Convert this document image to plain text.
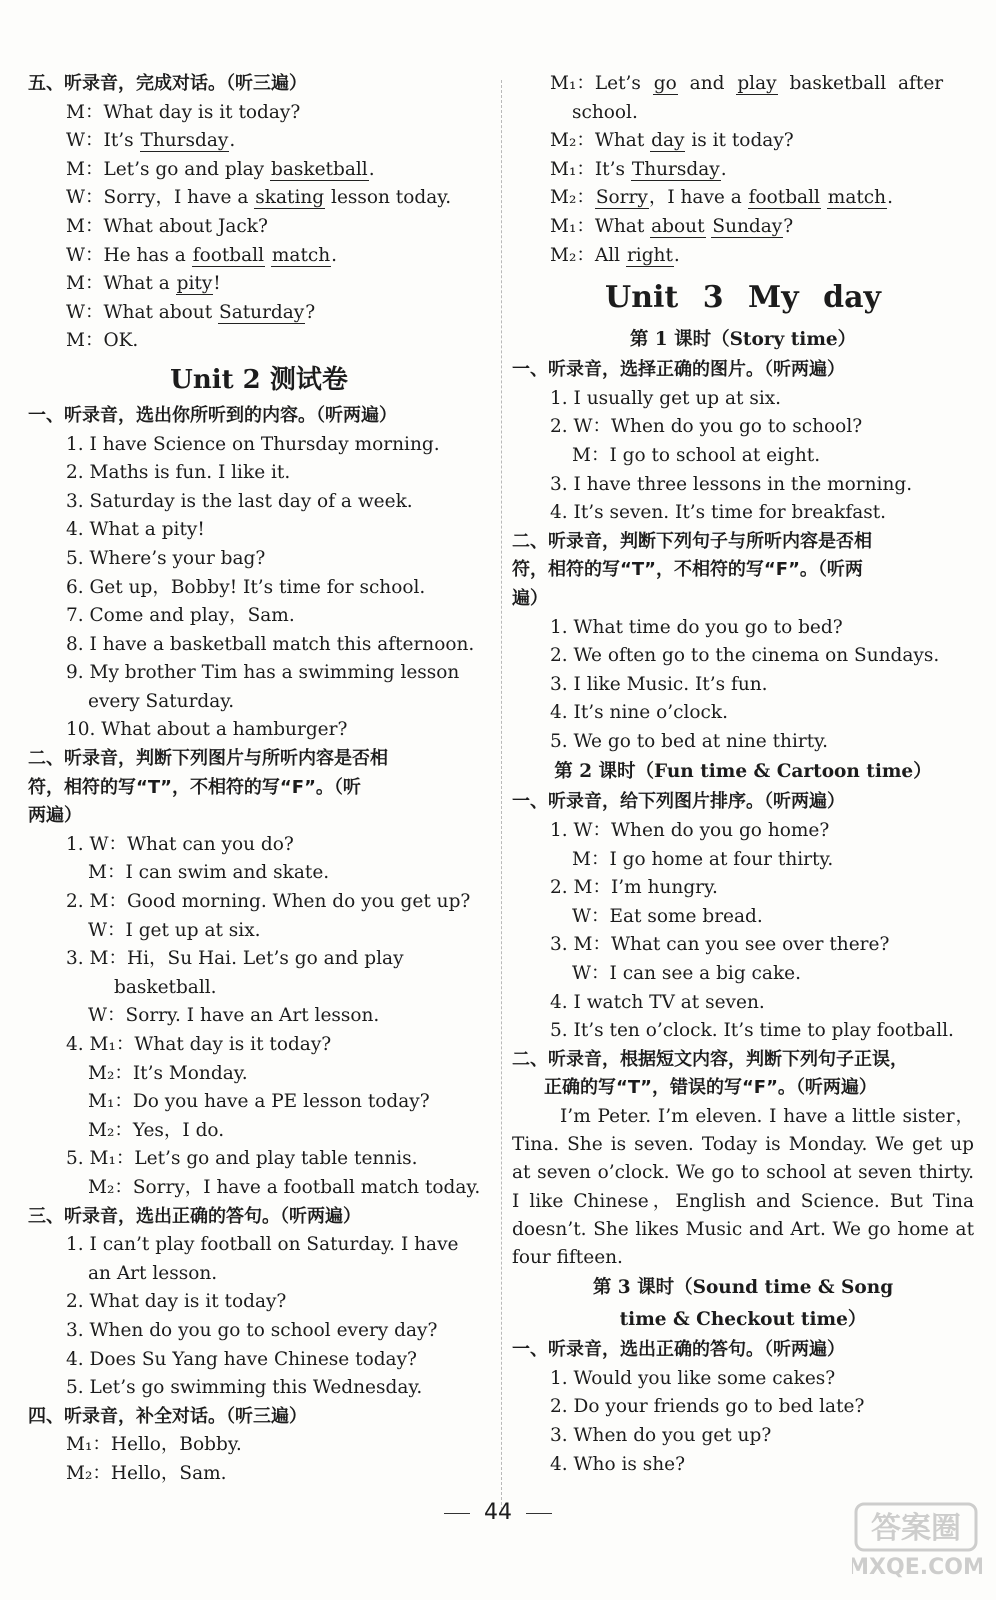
五、听录音，完成对话。（听三遍）
M：What day is it today?
W：It’s Thursday.
M：Let’s go and play basketball.
W：Sorry，I have a skating lesson today.
M：What about Jack?
W：He has a football match.
M：What a pity!
W：What about Saturday?
M：OK.
Unit 2 测试卷
一、听录音，选出你所听到的内容。（听两遍）
1. I have Science on Thursday morning.
2. Maths is fun. I like it.
3. Saturday is the last day of a week.
4. What a pity!
5. Where’s your bag?
6. Get up，Bobby! It’s time for school.
7. Come and play，Sam.
8. I have a basketball match this afternoon.
9. My brother Tim has a swimming lesson
every Saturday.
10. What about a hamburger?
二、听录音，判断下列图片与所听内容是否相
符，相符的写“T”，不相符的写“F”。（听
两遍）
1. W：What can you do?
M：I can swim and skate.
2. M：Good morning. When do you get up?
W：I get up at six.
3. M：Hi，Su Hai. Let’s go and play
basketball.
W：Sorry. I have an Art lesson.
4. M₁：What day is it today?
M₂：It’s Monday.
M₁：Do you have a PE lesson today?
M₂：Yes，I do.
5. M₁：Let’s go and play table tennis.
M₂：Sorry，I have a football match today.
三、听录音，选出正确的答句。（听两遍）
1. I can’t play football on Saturday. I have
an Art lesson.
2. What day is it today?
3. When do you go to school every day?
4. Does Su Yang have Chinese today?
5. Let’s go swimming this Wednesday.
四、听录音，补全对话。（听三遍）
M₁：Hello，Bobby.
M₂：Hello，Sam.
M₁：Let’s go and play basketball after
school.
M₂：What day is it today?
M₁：It’s Thursday.
M₂：Sorry，I have a football match.
M₁：What about Sunday?
M₂：All right.
Unit 3 My day
第 1 课时（Story time）
一、听录音，选择正确的图片。（听两遍）
1. I usually get up at six.
2. W：When do you go to school?
M：I go to school at eight.
3. I have three lessons in the morning.
4. It’s seven. It’s time for breakfast.
二、听录音，判断下列句子与所听内容是否相
符，相符的写“T”，不相符的写“F”。（听两
遍）
1. What time do you go to bed?
2. We often go to the cinema on Sundays.
3. I like Music. It’s fun.
4. It’s nine o’clock.
5. We go to bed at nine thirty.
第 2 课时（Fun time & Cartoon time）
一、听录音，给下列图片排序。（听两遍）
1. W：When do you go home?
M：I go home at four thirty.
2. M：I’m hungry.
W：Eat some bread.
3. M：What can you see over there?
W：I can see a big cake.
4. I watch TV at seven.
5. It’s ten o’clock. It’s time to play football.
二、听录音，根据短文内容，判断下列句子正误，
正确的写“T”，错误的写“F”。（听两遍）
I’m Peter. I’m eleven. I have a little sister，Tina. She is seven. Today is Monday. We get up at seven o’clock. We go to school at seven thirty. I like Chinese，English and Science. But Tina doesn’t. She likes Music and Art. We go home at four fifteen.
第 3 课时（Sound time & Song
time & Checkout time）
一、听录音，选出正确的答句。（听两遍）
1. Would you like some cakes?
2. Do your friends go to bed late?
3. When do you get up?
4. Who is she?
44	答案圈
MXQE.COM
